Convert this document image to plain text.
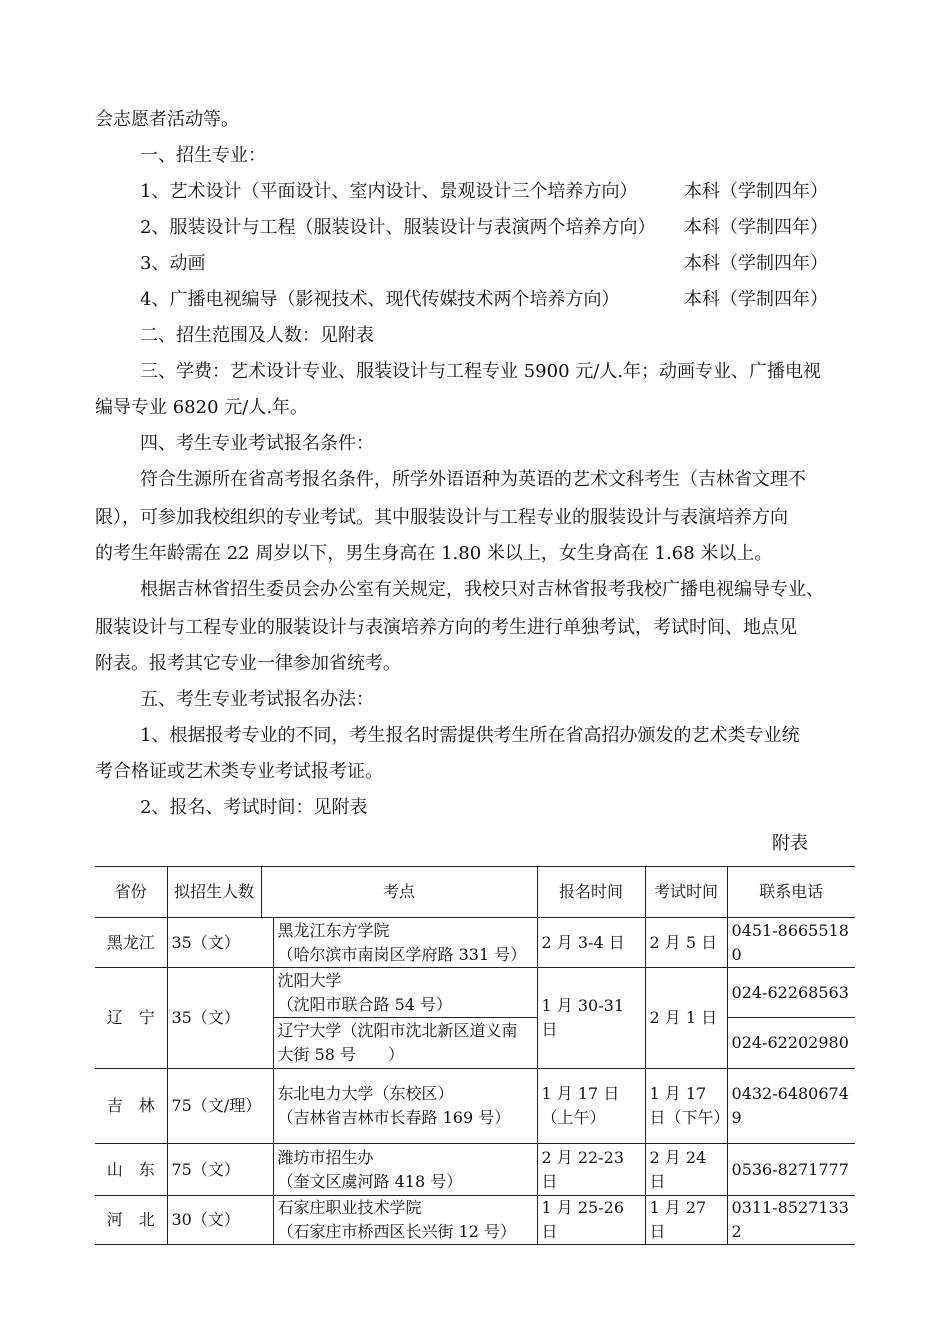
会志愿者活动等。
一、招生专业：
1、艺术设计（平面设计、室内设计、景观设计三个培养方向）	本科（学制四年）
2、服装设计与工程（服装设计、服装设计与表演两个培养方向） 本科（学制四年）
3、动画	本科（学制四年）
4、广播电视编导（影视技术、现代传媒技术两个培养方向）	本科（学制四年）
二、招生范围及人数：见附表
三、学费：艺术设计专业、服装设计与工程专业 5900 元/人.年；动画专业、广播电视
编导专业 6820 元/人.年。
四、考生专业考试报名条件：
符合生源所在省高考报名条件，所学外语语种为英语的艺术文科考生（吉林省文理不
限），可参加我校组织的专业考试。其中服装设计与工程专业的服装设计与表演培养方向
的考生年龄需在 22 周岁以下，男生身高在 1.80 米以上，女生身高在 1.68 米以上。
根据吉林省招生委员会办公室有关规定，我校只对吉林省报考我校广播电视编导专业、
服装设计与工程专业的服装设计与表演培养方向的考生进行单独考试，考试时间、地点见
附表。报考其它专业一律参加省统考。
五、考生专业考试报名办法：
1、根据报考专业的不同，考生报名时需提供考生所在省高招办颁发的艺术类专业统
考合格证或艺术类专业考试报考证。
2、报名、考试时间：见附表
附表
省份	拟招生人数	考点		报名时间	考试时间	联系电话
黑龙江	35（文）		黑龙江东方学院
（哈尔滨市南岗区学府路 331 号）	2 月 3-4 日	2 月 5 日	0451-86655180
辽　宁	35（文）		沈阳大学
（沈阳市联合路 54 号）	1 月 30-31 日	2 月 1 日	024-62268563
			辽宁大学（沈阳市沈北新区道义南大街 58 号　　）			024-62202980
吉　林	75（文/理）		东北电力大学（东校区）
（吉林省吉林市长春路 169 号）	1 月 17 日（上午）	1 月 17 日（下午）	0432-64806749
山　东	75（文）		潍坊市招生办
（奎文区虞河路 418 号）	2 月 22-23 日	2 月 24 日	0536-8271777
河　北	30（文）		石家庄职业技术学院
（石家庄市桥西区长兴街 12 号）	1 月 25-26 日	1 月 27 日	0311-85271332
